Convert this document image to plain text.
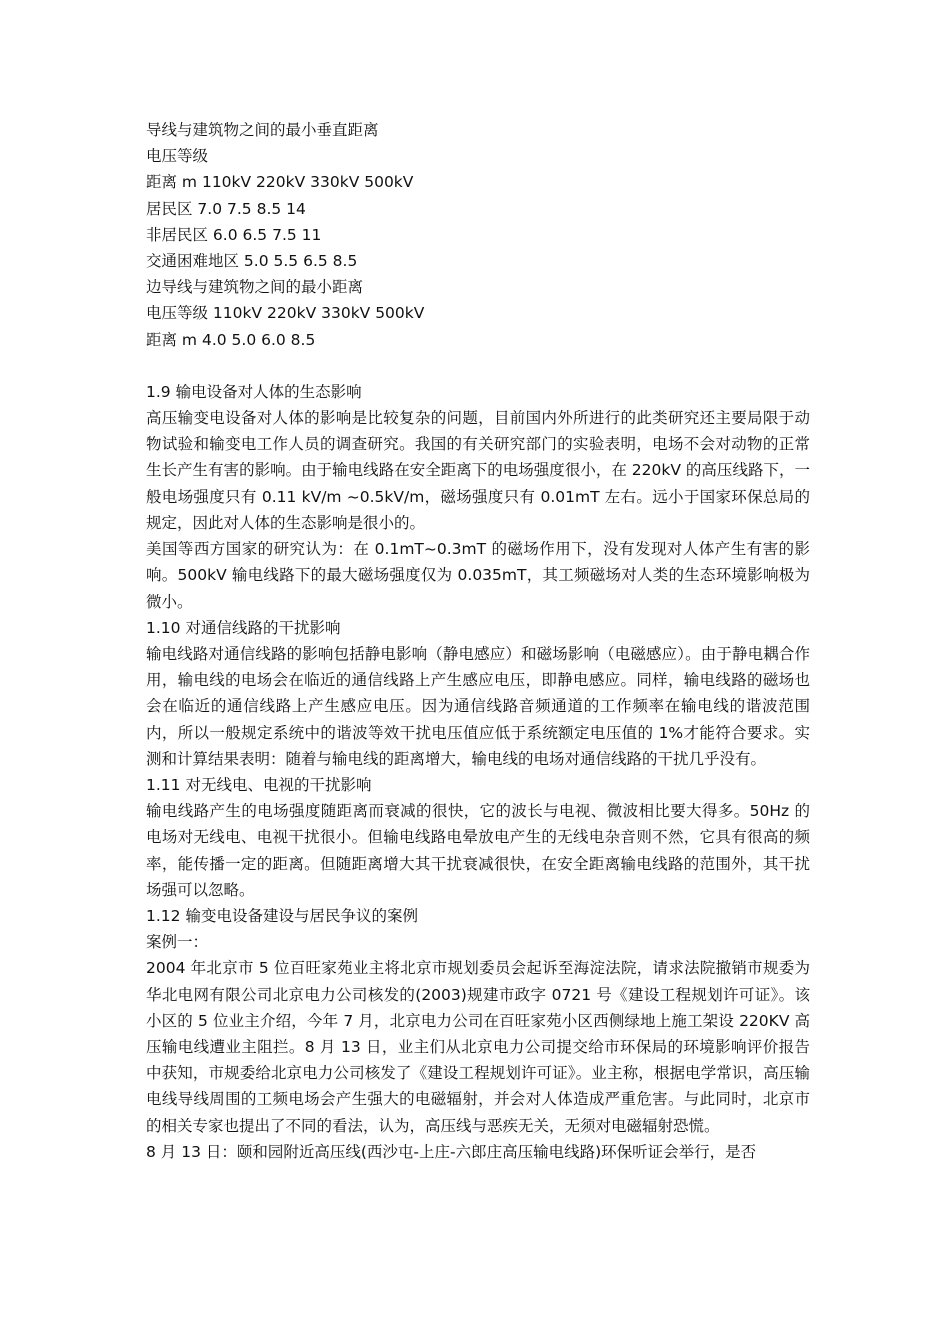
导线与建筑物之间的最小垂直距离

电压等级

距离 m 110kV 220kV 330kV 500kV

居民区 7.0 7.5 8.5 14

非居民区 6.0 6.5 7.5 11

交通困难地区 5.0 5.5 6.5 8.5

边导线与建筑物之间的最小距离

电压等级 110kV 220kV 330kV 500kV

距离 m 4.0 5.0 6.0 8.5

1.9 输电设备对人体的生态影响

高压输变电设备对人体的影响是比较复杂的问题，目前国内外所进行的此类研究还主要局限于动物试验和输变电工作人员的调查研究。我国的有关研究部门的实验表明，电场不会对动物的正常生长产生有害的影响。由于输电线路在安全距离下的电场强度很小，在 220kV 的高压线路下，一般电场强度只有 0.11 kV/m ~0.5kV/m，磁场强度只有 0.01mT 左右。远小于国家环保总局的规定，因此对人体的生态影响是很小的。

美国等西方国家的研究认为：在 0.1mT~0.3mT 的磁场作用下，没有发现对人体产生有害的影响。500kV 输电线路下的最大磁场强度仅为 0.035mT，其工频磁场对人类的生态环境影响极为微小。

1.10 对通信线路的干扰影响

输电线路对通信线路的影响包括静电影响（静电感应）和磁场影响（电磁感应）。由于静电耦合作用，输电线的电场会在临近的通信线路上产生感应电压，即静电感应。同样，输电线路的磁场也会在临近的通信线路上产生感应电压。因为通信线路音频通道的工作频率在输电线的谐波范围内，所以一般规定系统中的谐波等效干扰电压值应低于系统额定电压值的 1%才能符合要求。实测和计算结果表明：随着与输电线的距离增大，输电线的电场对通信线路的干扰几乎没有。

1.11 对无线电、电视的干扰影响

输电线路产生的电场强度随距离而衰减的很快，它的波长与电视、微波相比要大得多。50Hz 的电场对无线电、电视干扰很小。但输电线路电晕放电产生的无线电杂音则不然，它具有很高的频率，能传播一定的距离。但随距离增大其干扰衰减很快，在安全距离输电线路的范围外，其干扰场强可以忽略。

1.12 输变电设备建设与居民争议的案例

案例一：

2004 年北京市 5 位百旺家苑业主将北京市规划委员会起诉至海淀法院，请求法院撤销市规委为华北电网有限公司北京电力公司核发的(2003)规建市政字 0721 号《建设工程规划许可证》。该小区的 5 位业主介绍，今年 7 月，北京电力公司在百旺家苑小区西侧绿地上施工架设 220KV 高压输电线遭业主阻拦。8 月 13 日，业主们从北京电力公司提交给市环保局的环境影响评价报告中获知，市规委给北京电力公司核发了《建设工程规划许可证》。业主称，根据电学常识，高压输电线导线周围的工频电场会产生强大的电磁辐射，并会对人体造成严重危害。与此同时，北京市的相关专家也提出了不同的看法，认为，高压线与恶疾无关，无须对电磁辐射恐慌。

8 月 13 日：颐和园附近高压线(西沙屯-上庄-六郎庄高压输电线路)环保听证会举行，是否
